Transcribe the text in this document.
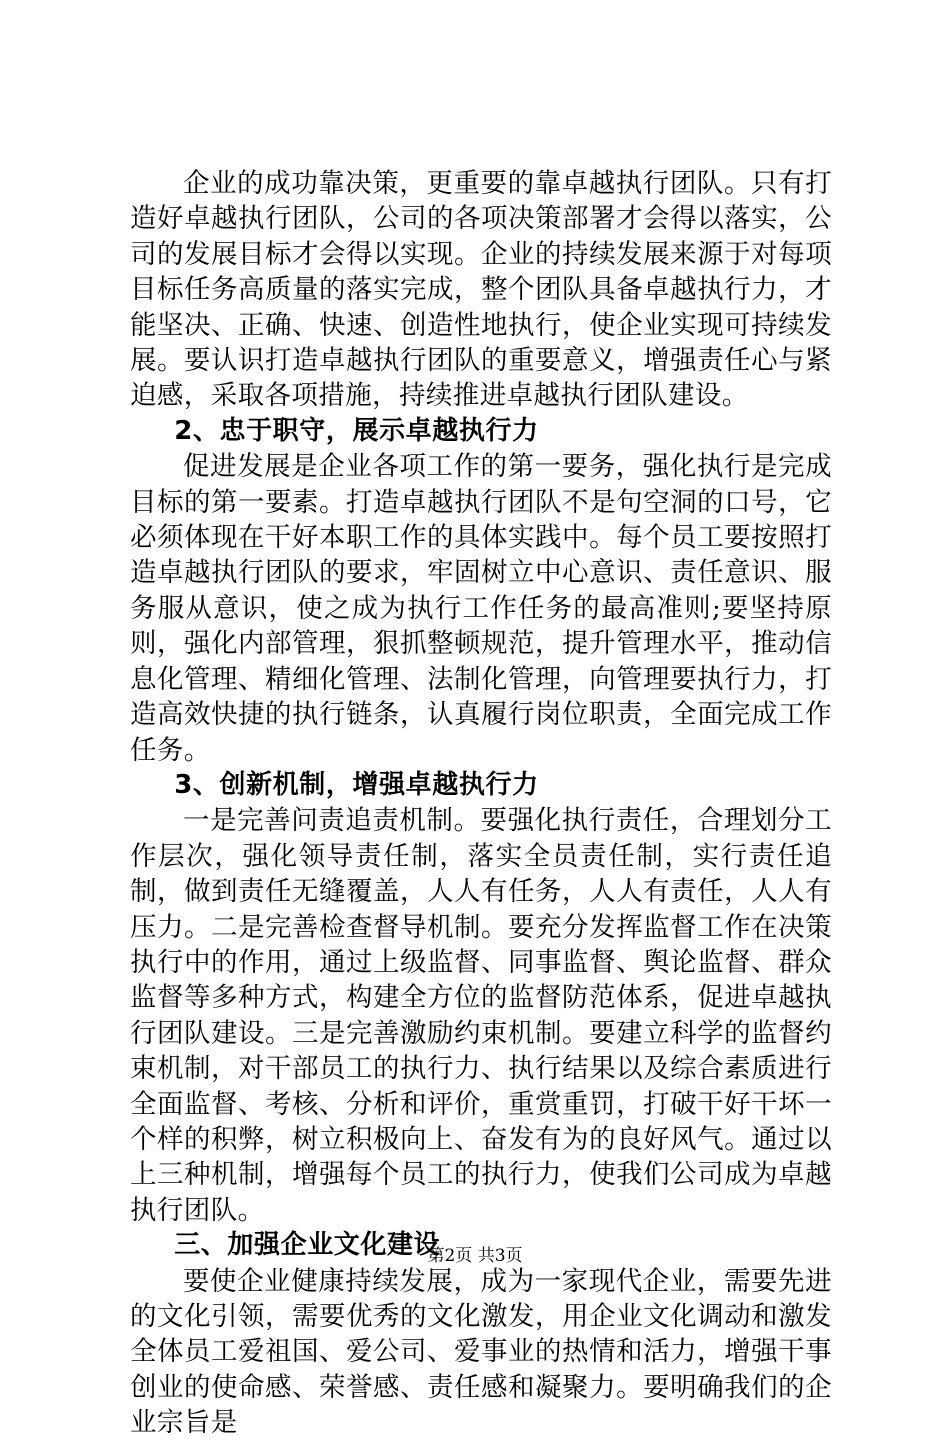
企业的成功靠决策，更重要的靠卓越执行团队。只有打造好卓越执行团队，公司的各项决策部署才会得以落实，公司的发展目标才会得以实现。企业的持续发展来源于对每项目标任务高质量的落实完成，整个团队具备卓越执行力，才能坚决、正确、快速、创造性地执行，使企业实现可持续发展。要认识打造卓越执行团队的重要意义，增强责任心与紧迫感，采取各项措施，持续推进卓越执行团队建设。

2、忠于职守，展示卓越执行力

促进发展是企业各项工作的第一要务，强化执行是完成目标的第一要素。打造卓越执行团队不是句空洞的口号，它必须体现在干好本职工作的具体实践中。每个员工要按照打造卓越执行团队的要求，牢固树立中心意识、责任意识、服务服从意识，使之成为执行工作任务的最高准则;要坚持原则，强化内部管理，狠抓整顿规范，提升管理水平，推动信息化管理、精细化管理、法制化管理，向管理要执行力，打造高效快捷的执行链条，认真履行岗位职责，全面完成工作任务。

3、创新机制，增强卓越执行力

一是完善问责追责机制。要强化执行责任，合理划分工作层次，强化领导责任制，落实全员责任制，实行责任追制，做到责任无缝覆盖，人人有任务，人人有责任，人人有压力。二是完善检查督导机制。要充分发挥监督工作在决策执行中的作用，通过上级监督、同事监督、舆论监督、群众监督等多种方式，构建全方位的监督防范体系，促进卓越执行团队建设。三是完善激励约束机制。要建立科学的监督约束机制，对干部员工的执行力、执行结果以及综合素质进行全面监督、考核、分析和评价，重赏重罚，打破干好干坏一个样的积弊，树立积极向上、奋发有为的良好风气。通过以上三种机制，增强每个员工的执行力，使我们公司成为卓越执行团队。

三、加强企业文化建设

要使企业健康持续发展，成为一家现代企业，需要先进的文化引领，需要优秀的文化激发，用企业文化调动和激发全体员工爱祖国、爱公司、爱事业的热情和活力，增强干事创业的使命感、荣誉感、责任感和凝聚力。要明确我们的企业宗旨是

第2页 共3页
